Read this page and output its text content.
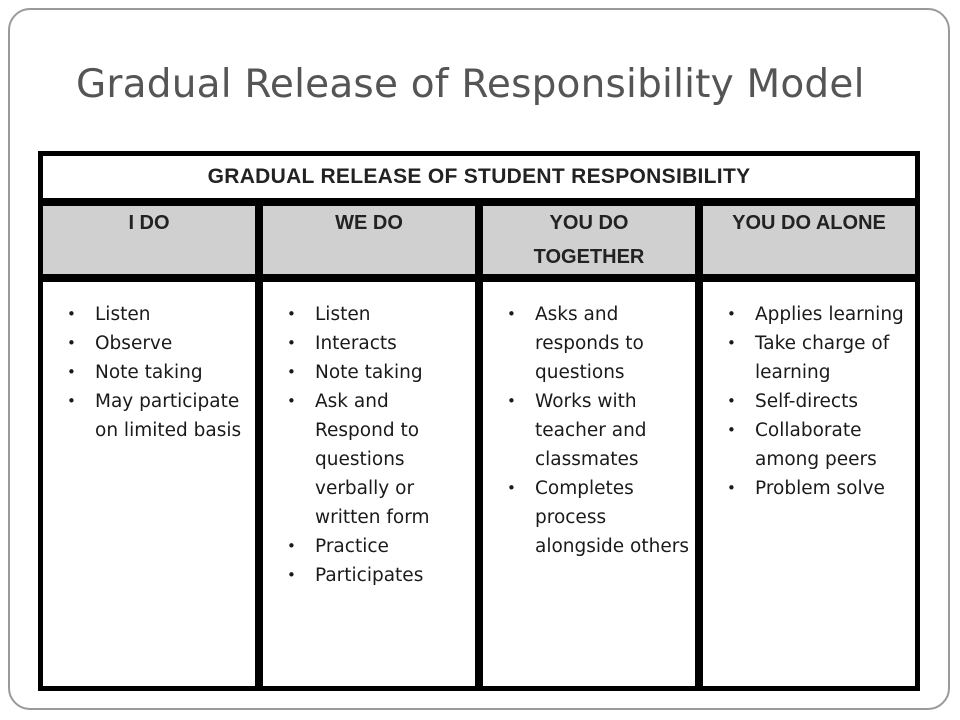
Gradual Release of Responsibility Model
GRADUAL RELEASE OF STUDENT RESPONSIBILITY
I DO
• Listen
• Observe
• Note taking
• May participate on limited basis
WE DO
• Listen
• Interacts
• Note taking
• Ask and Respond to questions verbally or written form
• Practice
• Participates
YOU DO
TOGETHER
• Asks and responds to questions
• Works with teacher and classmates
• Completes process alongside others
YOU DO ALONE
• Applies learning
• Take charge of learning
• Self-directs
• Collaborate among peers
• Problem solve
